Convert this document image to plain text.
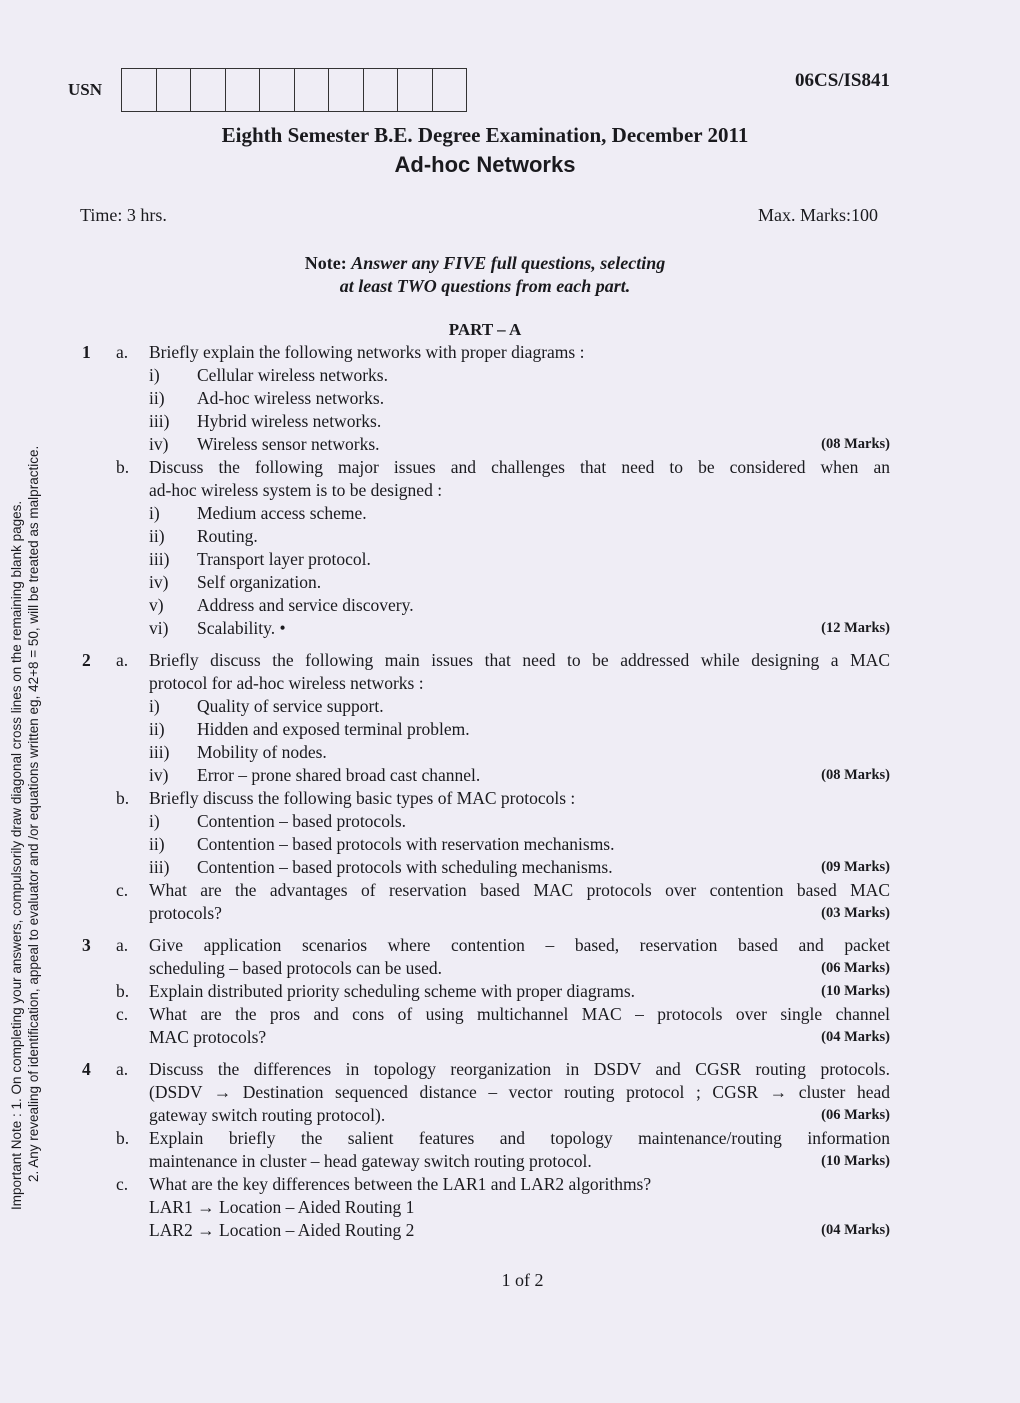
USN	06CS/IS841
Eighth Semester B.E. Degree Examination, December 2011
Ad-hoc Networks
Time: 3 hrs.	Max. Marks:100
Note: Answer any FIVE full questions, selecting
at least TWO questions from each part.
PART – A
Important Note : 1. On completing your answers, compulsorily draw diagonal cross lines on the remaining blank pages. 2. Any revealing of identification, appeal to evaluator and /or equations written eg, 42+8 = 50, will be treated as malpractice.
1 a. Briefly explain the following networks with proper diagrams :
i) Cellular wireless networks.
ii) Ad-hoc wireless networks.
iii) Hybrid wireless networks.
iv) Wireless sensor networks.	(08 Marks)
b. Discuss the following major issues and challenges that need to be considered when an
ad-hoc wireless system is to be designed :
i) Medium access scheme.
ii) Routing.
iii) Transport layer protocol.
iv) Self organization.
v) Address and service discovery.
vi) Scalability. •	(12 Marks)
2 a. Briefly discuss the following main issues that need to be addressed while designing a MAC
protocol for ad-hoc wireless networks :
i) Quality of service support.
ii) Hidden and exposed terminal problem.
iii) Mobility of nodes.
iv) Error – prone shared broad cast channel.	(08 Marks)
b. Briefly discuss the following basic types of MAC protocols :
i) Contention – based protocols.
ii) Contention – based protocols with reservation mechanisms.
iii) Contention – based protocols with scheduling mechanisms.	(09 Marks)
c. What are the advantages of reservation based MAC protocols over contention based MAC
protocols?	(03 Marks)
3 a. Give application scenarios where contention – based, reservation based and packet
scheduling – based protocols can be used.	(06 Marks)
b. Explain distributed priority scheduling scheme with proper diagrams.	(10 Marks)
c. What are the pros and cons of using multichannel MAC – protocols over single channel
MAC protocols?	(04 Marks)
4 a. Discuss the differences in topology reorganization in DSDV and CGSR routing protocols.
(DSDV → Destination sequenced distance – vector routing protocol ; CGSR → cluster head
gateway switch routing protocol).	(06 Marks)
b. Explain briefly the salient features and topology maintenance/routing information
maintenance in cluster – head gateway switch routing protocol.	(10 Marks)
c. What are the key differences between the LAR1 and LAR2 algorithms?
LAR1 → Location – Aided Routing 1
LAR2 → Location – Aided Routing 2	(04 Marks)
1 of 2
